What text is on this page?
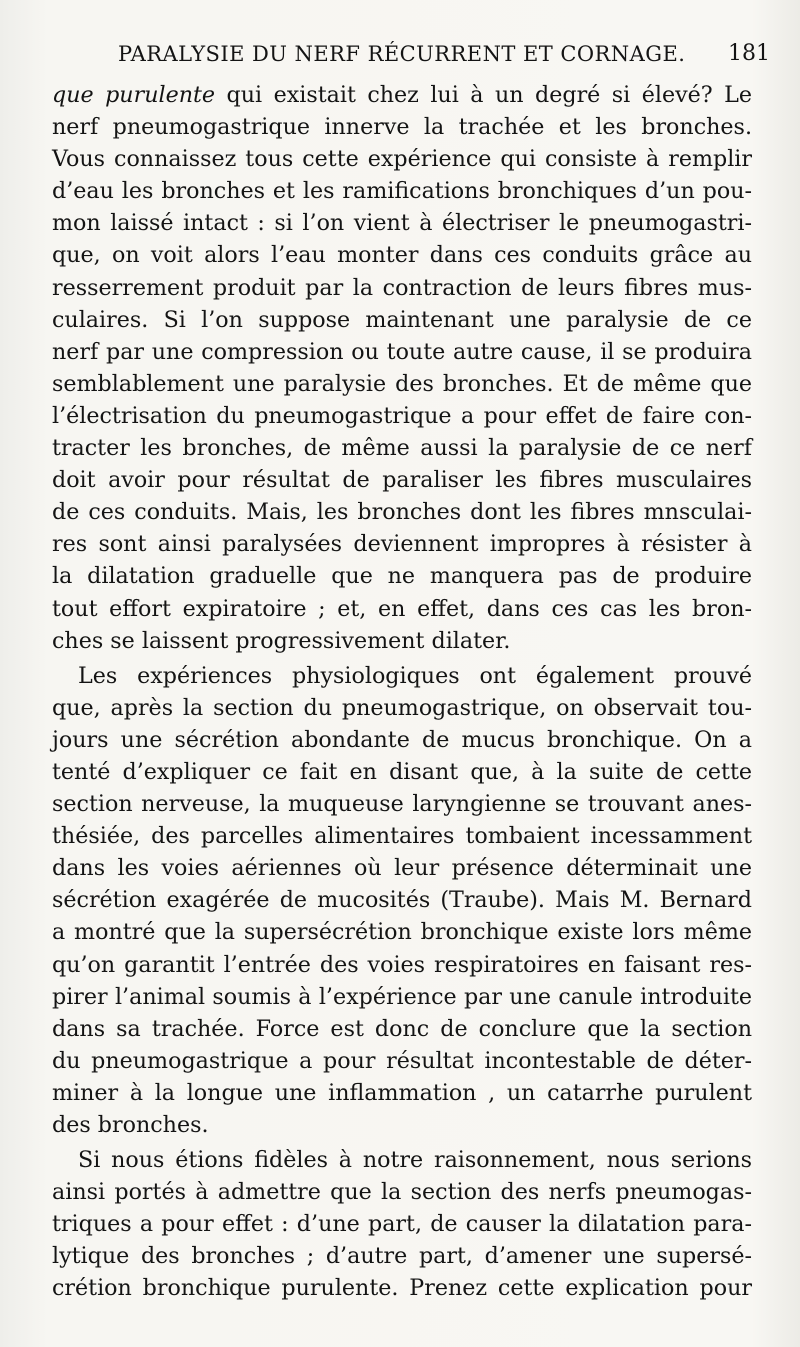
PARALYSIE DU NERF RÉCURRENT ET CORNAGE. 181
que purulente qui existait chez lui à un degré si élevé? Le
nerf pneumogastrique innerve la trachée et les bronches.
Vous connaissez tous cette expérience qui consiste à remplir
d’eau les bronches et les ramifications bronchiques d’un pou-
mon laissé intact : si l’on vient à électriser le pneumogastri-
que, on voit alors l’eau monter dans ces conduits grâce au
resserrement produit par la contraction de leurs fibres mus-
culaires. Si l’on suppose maintenant une paralysie de ce
nerf par une compression ou toute autre cause, il se produira
semblablement une paralysie des bronches. Et de même que
l’électrisation du pneumogastrique a pour effet de faire con-
tracter les bronches, de même aussi la paralysie de ce nerf
doit avoir pour résultat de paraliser les fibres musculaires
de ces conduits. Mais, les bronches dont les fibres mnsculai-
res sont ainsi paralysées deviennent impropres à résister à
la dilatation graduelle que ne manquera pas de produire
tout effort expiratoire ; et, en effet, dans ces cas les bron-
ches se laissent progressivement dilater.
Les expériences physiologiques ont également prouvé
que, après la section du pneumogastrique, on observait tou-
jours une sécrétion abondante de mucus bronchique. On a
tenté d’expliquer ce fait en disant que, à la suite de cette
section nerveuse, la muqueuse laryngienne se trouvant anes-
thésiée, des parcelles alimentaires tombaient incessamment
dans les voies aériennes où leur présence déterminait une
sécrétion exagérée de mucosités (Traube). Mais M. Bernard
a montré que la supersécrétion bronchique existe lors même
qu’on garantit l’entrée des voies respiratoires en faisant res-
pirer l’animal soumis à l’expérience par une canule introduite
dans sa trachée. Force est donc de conclure que la section
du pneumogastrique a pour résultat incontestable de déter-
miner à la longue une inflammation , un catarrhe purulent
des bronches.
Si nous étions fidèles à notre raisonnement, nous serions
ainsi portés à admettre que la section des nerfs pneumogas-
triques a pour effet : d’une part, de causer la dilatation para-
lytique des bronches ; d’autre part, d’amener une supersé-
crétion bronchique purulente. Prenez cette explication pour
